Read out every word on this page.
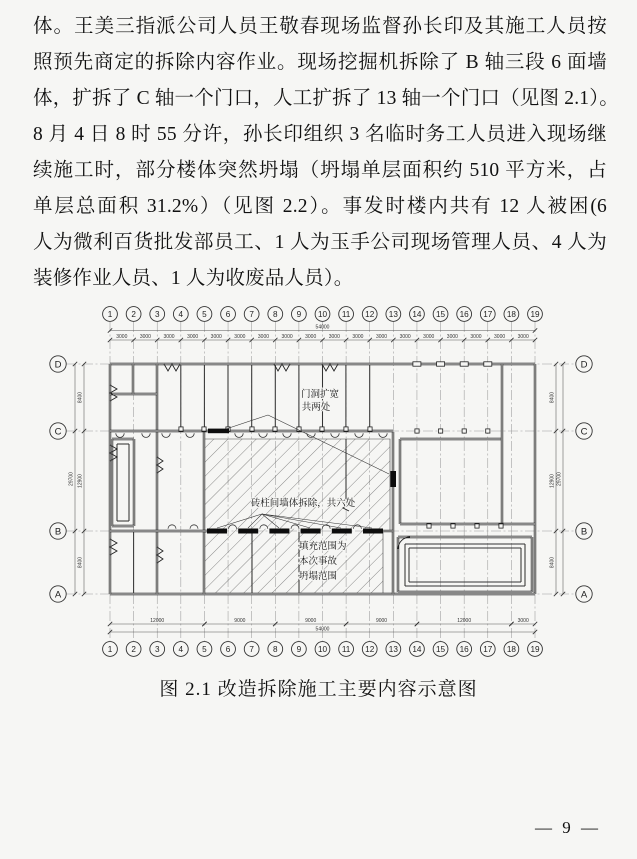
体。王美三指派公司人员王敬春现场监督孙长印及其施工人员按
照预先商定的拆除内容作业。现场挖掘机拆除了 B 轴三段 6 面墙
体，扩拆了 C 轴一个门口，人工扩拆了 13 轴一个门口（见图 2.1）。
8 月 4 日 8 时 55 分许，孙长印组织 3 名临时务工人员进入现场继
续施工时，部分楼体突然坍塌（坍塌单层面积约 510 平方米，占
单层总面积 31.2%）（见图 2.2）。事发时楼内共有 12 人被困(6
人为微利百货批发部员工、1 人为玉手公司现场管理人员、4 人为
装修作业人员、1 人为收废品人员）。
1
1
2
2
3
3
4
4
5
5
6
6
7
7
8
8
9
9
10
10
11
11
12
12
13
13
14
14
15
15
16
16
17
17
18
18
19
19
D	D
C	C
B	B
A	A
54000
3000 3000 3000 3000 3000 3000 3000 3000 3000 3000 3000 3000 3000 3000 3000 3000 3000 3000
54000
12000	9000	9000	9000	12000	3000
29700
8400
12900
8400
29700
8400
12900
8400
门洞扩宽
共两处
砖柱间墙体拆除，共六处
填充范围为
本次事故
坍塌范围
图 2.1 改造拆除施工主要内容示意图
— 9 —
